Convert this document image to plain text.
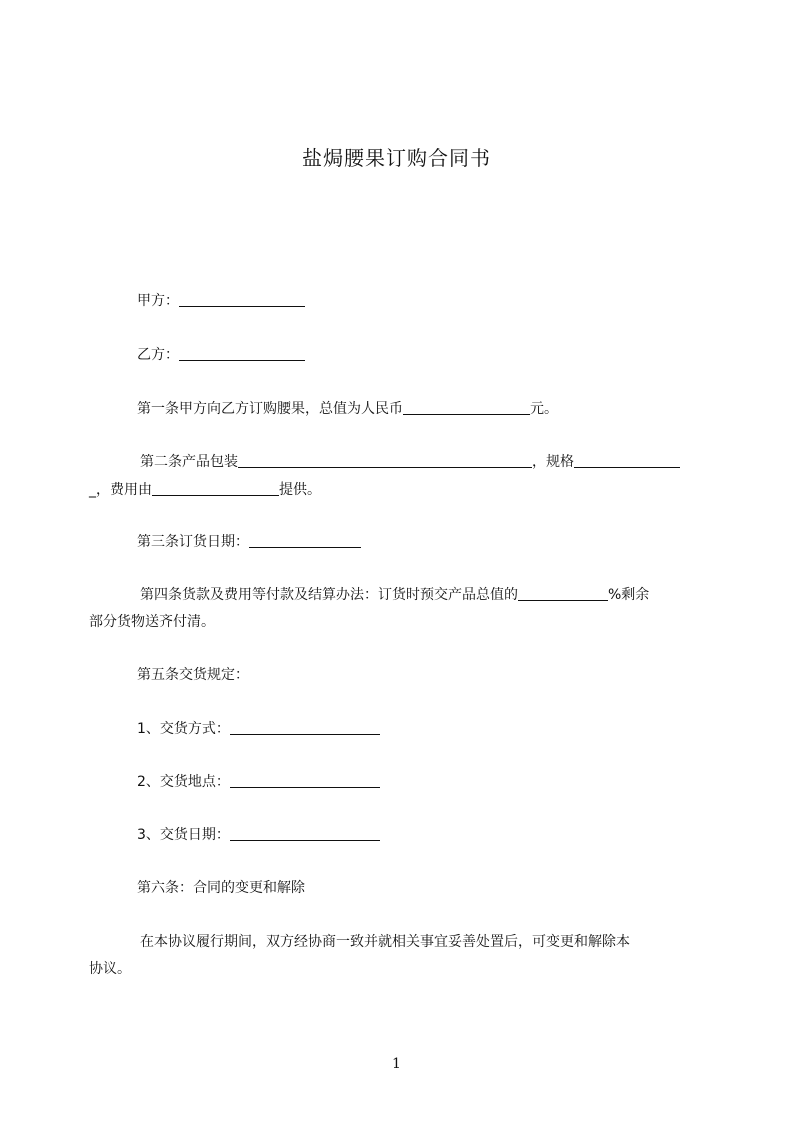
盐焗腰果订购合同书
甲方：
乙方：
第一条甲方向乙方订购腰果，总值为人民币	元。
第二条产品包装	，规格
_，费用由	提供。
第三条订货日期：
第四条货款及费用等付款及结算办法：订货时预交产品总值的	%剩余
部分货物送齐付清。
第五条交货规定：
1、交货方式：
2、交货地点：
3、交货日期：
第六条：合同的变更和解除
在本协议履行期间，双方经协商一致并就相关事宜妥善处置后，可变更和解除本
协议。
1
